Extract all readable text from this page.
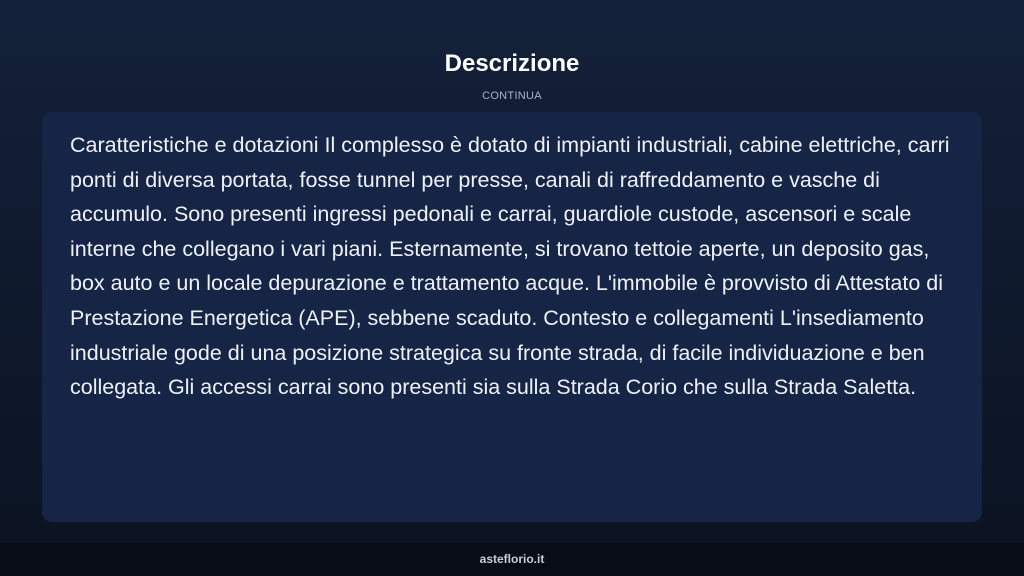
Descrizione
CONTINUA

Caratteristiche e dotazioni Il complesso è dotato di impianti industriali, cabine elettriche, carri ponti di diversa portata, fosse tunnel per presse, canali di raffreddamento e vasche di accumulo. Sono presenti ingressi pedonali e carrai, guardiole custode, ascensori e scale interne che collegano i vari piani. Esternamente, si trovano tettoie aperte, un deposito gas, box auto e un locale depurazione e trattamento acque. L'immobile è provvisto di Attestato di Prestazione Energetica (APE), sebbene scaduto. Contesto e collegamenti L'insediamento industriale gode di una posizione strategica su fronte strada, di facile individuazione e ben collegata. Gli accessi carrai sono presenti sia sulla Strada Corio che sulla Strada Saletta.

asteflorio.it
